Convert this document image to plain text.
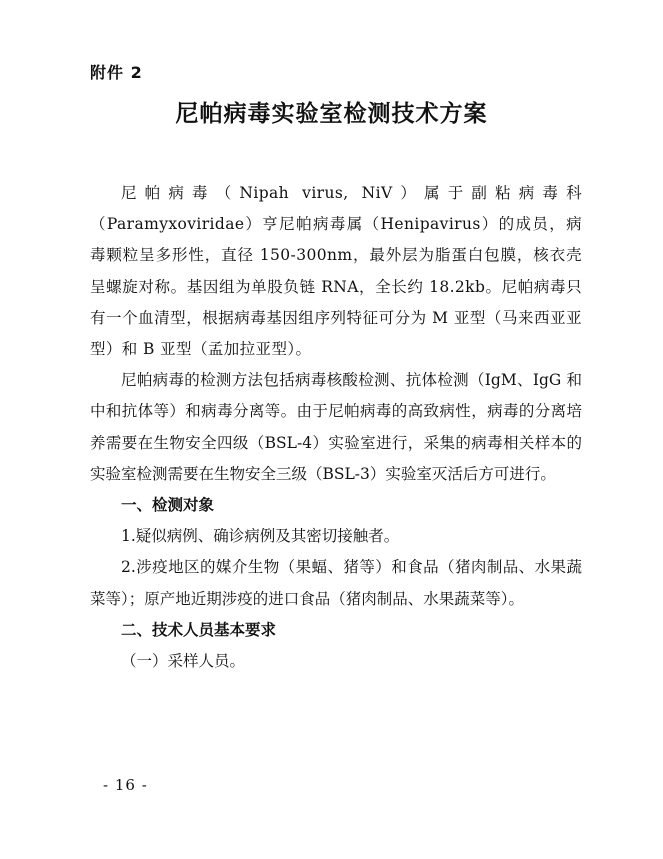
附件 2
尼帕病毒实验室检测技术方案

尼帕病毒（Nipah virus, NiV）属于副粘病毒科（Paramyxoviridae）亨尼帕病毒属（Henipavirus）的成员，病毒颗粒呈多形性，直径 150-300nm，最外层为脂蛋白包膜，核衣壳呈螺旋对称。基因组为单股负链 RNA，全长约 18.2kb。尼帕病毒只有一个血清型，根据病毒基因组序列特征可分为 M 亚型（马来西亚亚型）和 B 亚型（孟加拉亚型）。

尼帕病毒的检测方法包括病毒核酸检测、抗体检测（IgM、IgG 和中和抗体等）和病毒分离等。由于尼帕病毒的高致病性，病毒的分离培养需要在生物安全四级（BSL-4）实验室进行，采集的病毒相关样本的实验室检测需要在生物安全三级（BSL-3）实验室灭活后方可进行。

一、检测对象

1.疑似病例、确诊病例及其密切接触者。

2.涉疫地区的媒介生物（果蝠、猪等）和食品（猪肉制品、水果蔬菜等）；原产地近期涉疫的进口食品（猪肉制品、水果蔬菜等）。

二、技术人员基本要求

（一）采样人员。

- 16 -
